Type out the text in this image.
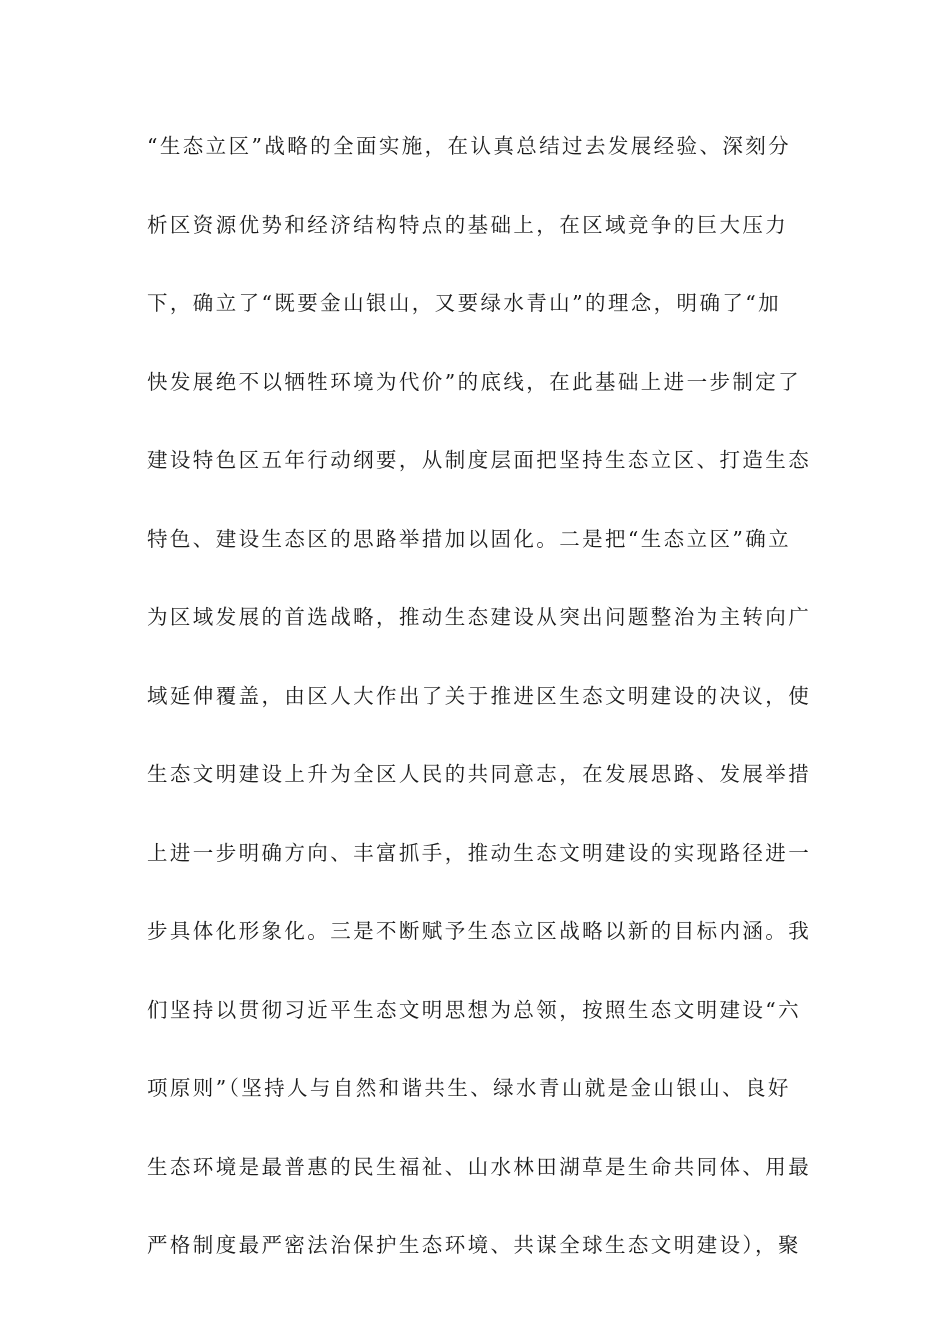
“生态立区”战略的全面实施，在认真总结过去发展经验、深刻分
析区资源优势和经济结构特点的基础上，在区域竞争的巨大压力
下，确立了“既要金山银山，又要绿水青山”的理念，明确了“加
快发展绝不以牺牲环境为代价”的底线，在此基础上进一步制定了
建设特色区五年行动纲要，从制度层面把坚持生态立区、打造生态
特色、建设生态区的思路举措加以固化。二是把“生态立区”确立
为区域发展的首选战略，推动生态建设从突出问题整治为主转向广
域延伸覆盖，由区人大作出了关于推进区生态文明建设的决议，使
生态文明建设上升为全区人民的共同意志，在发展思路、发展举措
上进一步明确方向、丰富抓手，推动生态文明建设的实现路径进一
步具体化形象化。三是不断赋予生态立区战略以新的目标内涵。我
们坚持以贯彻习近平生态文明思想为总领，按照生态文明建设“六
项原则”（坚持人与自然和谐共生、绿水青山就是金山银山、良好
生态环境是最普惠的民生福祉、山水林田湖草是生命共同体、用最
严格制度最严密法治保护生态环境、共谋全球生态文明建设），聚
